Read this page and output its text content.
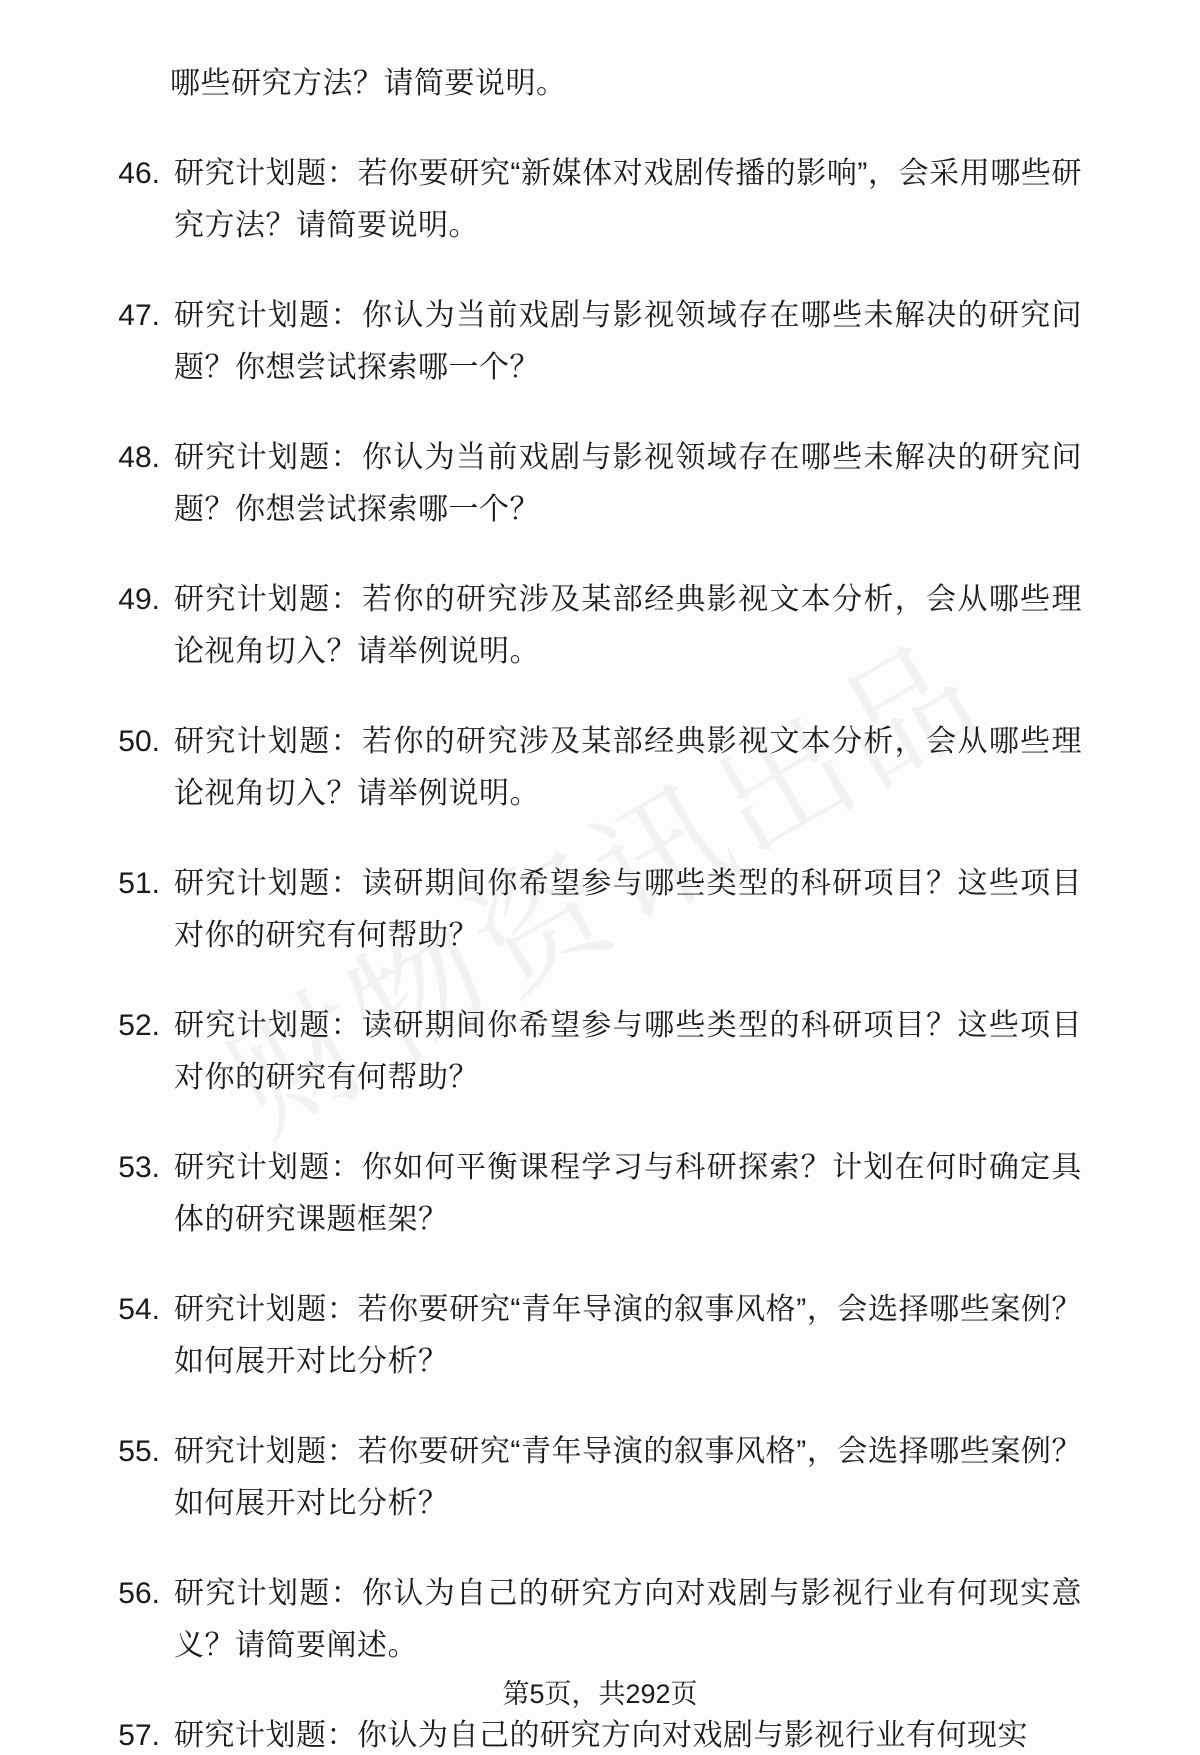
哪些研究方法？请简要说明。

46. 研究计划题：若你要研究“新媒体对戏剧传播的影响”，会采用哪些研究方法？请简要说明。
47. 研究计划题：你认为当前戏剧与影视领域存在哪些未解决的研究问题？你想尝试探索哪一个？
48. 研究计划题：你认为当前戏剧与影视领域存在哪些未解决的研究问题？你想尝试探索哪一个？
49. 研究计划题：若你的研究涉及某部经典影视文本分析，会从哪些理论视角切入？请举例说明。
50. 研究计划题：若你的研究涉及某部经典影视文本分析，会从哪些理论视角切入？请举例说明。
51. 研究计划题：读研期间你希望参与哪些类型的科研项目？这些项目对你的研究有何帮助？
52. 研究计划题：读研期间你希望参与哪些类型的科研项目？这些项目对你的研究有何帮助？
53. 研究计划题：你如何平衡课程学习与科研探索？计划在何时确定具体的研究课题框架？
54. 研究计划题：若你要研究“青年导演的叙事风格”，会选择哪些案例？如何展开对比分析？
55. 研究计划题：若你要研究“青年导演的叙事风格”，会选择哪些案例？如何展开对比分析？
56. 研究计划题：你认为自己的研究方向对戏剧与影视行业有何现实意义？请简要阐述。
57. 研究计划题：你认为自己的研究方向对戏剧与影视行业有何现实
第5页，共292页
